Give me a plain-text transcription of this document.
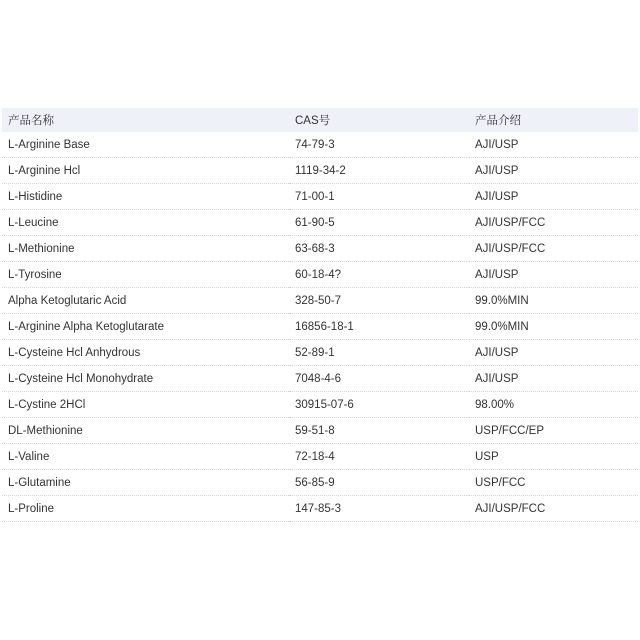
产品名称	CAS号	产品介绍
L-Arginine Base	74-79-3	AJI/USP
L-Arginine Hcl	1119-34-2	AJI/USP
L-Histidine	71-00-1	AJI/USP
L-Leucine	61-90-5	AJI/USP/FCC
L-Methionine	63-68-3	AJI/USP/FCC
L-Tyrosine	60-18-4?	AJI/USP
Alpha Ketoglutaric Acid	328-50-7	99.0%MIN
L-Arginine Alpha Ketoglutarate	16856-18-1	99.0%MIN
L-Cysteine Hcl Anhydrous	52-89-1	AJI/USP
L-Cysteine Hcl Monohydrate	7048-4-6	AJI/USP
L-Cystine 2HCl	30915-07-6	98.00%
DL-Methionine	59-51-8	USP/FCC/EP
L-Valine	72-18-4	USP
L-Glutamine	56-85-9	USP/FCC
L-Proline	147-85-3	AJI/USP/FCC
